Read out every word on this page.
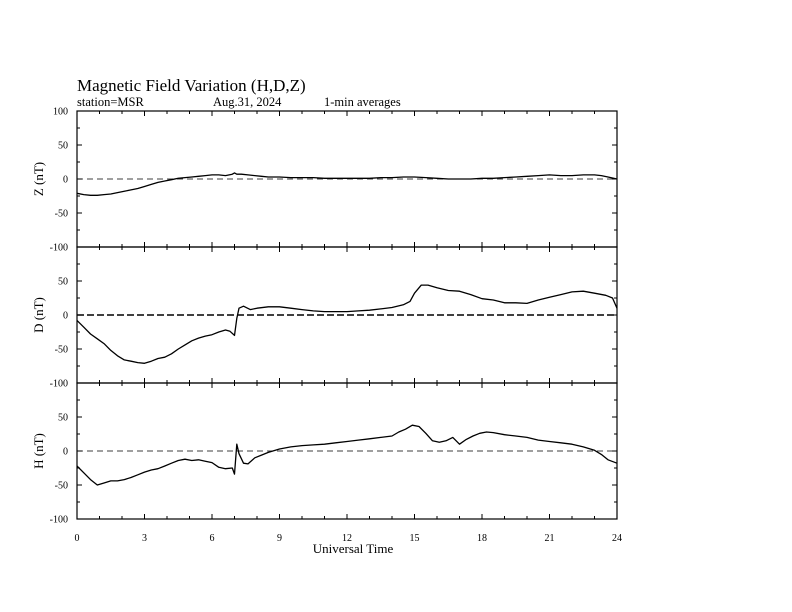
Magnetic Field Variation (H,D,Z)
station=MSR	Aug.31, 2024	1-min averages
Universal Time
100
50
0
-50
-100
Z (nT)
50
0
-50
-100
D (nT)
50
0
-50
-100
H (nT)
0	3	6	9	12	15	18	21	24
